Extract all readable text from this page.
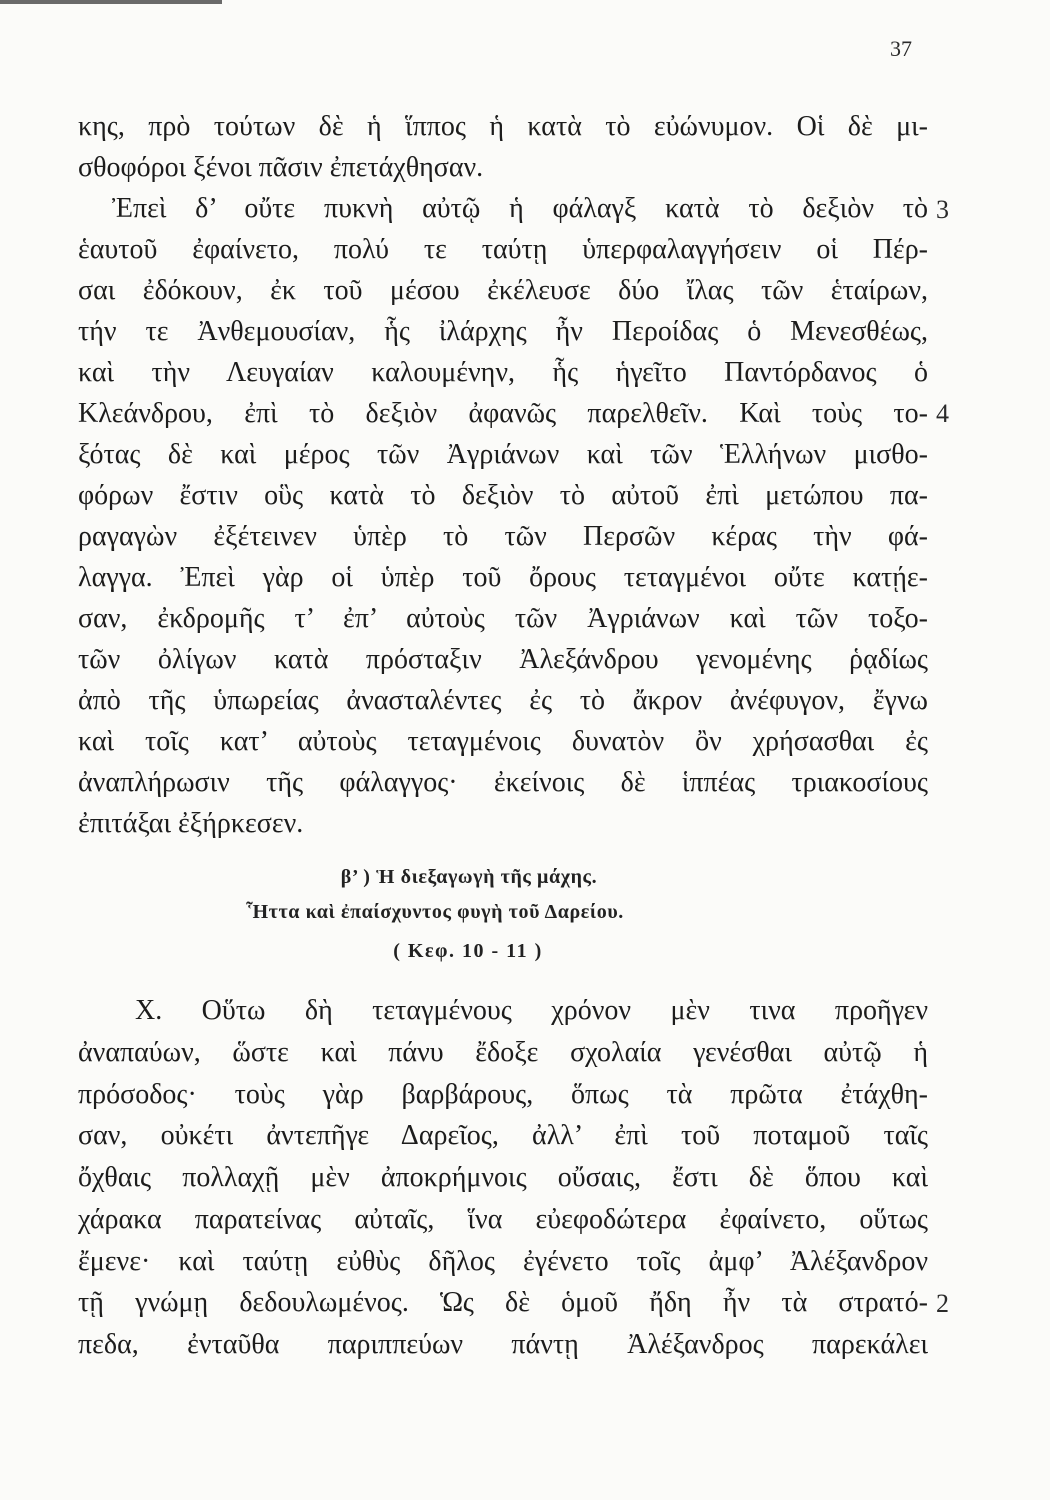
37
κης, πρὸ τούτων δὲ ἡ ἵππος ἡ κατὰ τὸ εὐώνυμον. Οἱ δὲ μι-
σθοφόροι ξένοι πᾶσιν ἐπετάχθησαν.
Ἐπεὶ δ’ οὔτε πυκνὴ αὐτῷ ἡ φάλαγξ κατὰ τὸ δεξιὸν τὸ
ἑαυτοῦ ἐφαίνετο, πολύ τε ταύτῃ ὑπερφαλαγγήσειν οἱ Πέρ-
σαι ἐδόκουν, ἐκ τοῦ μέσου ἐκέλευσε δύο ἴλας τῶν ἑταίρων,
τήν τε Ἀνθεμουσίαν, ἧς ἰλάρχης ἦν Περοίδας ὁ Μενεσθέως,
καὶ τὴν Λευγαίαν καλουμένην, ἧς ἡγεῖτο Παντόρδανος ὁ
Κλεάνδρου, ἐπὶ τὸ δεξιὸν ἀφανῶς παρελθεῖν. Καὶ τοὺς το-
ξότας δὲ καὶ μέρος τῶν Ἀγριάνων καὶ τῶν Ἑλλήνων μισθο-
φόρων ἔστιν οὓς κατὰ τὸ δεξιὸν τὸ αὐτοῦ ἐπὶ μετώπου πα-
ραγαγὼν ἐξέτεινεν ὑπὲρ τὸ τῶν Περσῶν κέρας τὴν φά-
λαγγα. Ἐπεὶ γὰρ οἱ ὑπὲρ τοῦ ὄρους τεταγμένοι οὔτε κατῄε-
σαν, ἐκδρομῆς τ’ ἐπ’ αὐτοὺς τῶν Ἀγριάνων καὶ τῶν τοξο-
τῶν ὀλίγων κατὰ πρόσταξιν Ἀλεξάνδρου γενομένης ῥᾳδίως
ἀπὸ τῆς ὑπωρείας ἀνασταλέντες ἐς τὸ ἄκρον ἀνέφυγον, ἔγνω
καὶ τοῖς κατ’ αὐτοὺς τεταγμένοις δυνατὸν ὂν χρήσασθαι ἐς
ἀναπλήρωσιν τῆς φάλαγγος· ἐκείνοις δὲ ἱππέας τριακοσίους
ἐπιτάξαι ἐξήρκεσεν.
3
4
2
β’ ) Ἡ διεξαγωγὴ τῆς μάχης.
Ἧττα καὶ ἐπαίσχυντος φυγὴ τοῦ Δαρείου.
( Κεφ. 10 - 11 )
X. Οὕτω δὴ τεταγμένους χρόνον μὲν τινα προῆγεν
ἀναπαύων, ὥστε καὶ πάνυ ἔδοξε σχολαία γενέσθαι αὐτῷ ἡ
πρόσοδος· τοὺς γὰρ βαρβάρους, ὅπως τὰ πρῶτα ἐτάχθη-
σαν, οὐκέτι ἀντεπῆγε Δαρεῖος, ἀλλ’ ἐπὶ τοῦ ποταμοῦ ταῖς
ὄχθαις πολλαχῇ μὲν ἀποκρήμνοις οὔσαις, ἔστι δὲ ὅπου καὶ
χάρακα παρατείνας αὐταῖς, ἵνα εὐεφοδώτερα ἐφαίνετο, οὕτως
ἔμενε· καὶ ταύτῃ εὐθὺς δῆλος ἐγένετο τοῖς ἀμφ’ Ἀλέξανδρον
τῇ γνώμῃ δεδουλωμένος. Ὡς δὲ ὁμοῦ ἤδη ἦν τὰ στρατό-
πεδα, ἐνταῦθα παριππεύων πάντῃ Ἀλέξανδρος παρεκάλει
